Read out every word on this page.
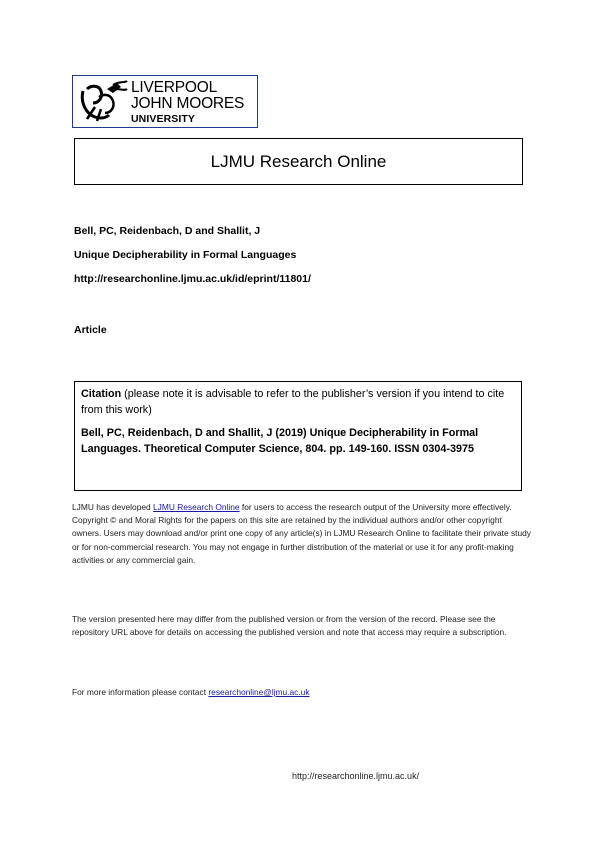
LIVERPOOL
JOHN MOORES
UNIVERSITY
LJMU Research Online
Bell, PC, Reidenbach, D and Shallit, J
Unique Decipherability in Formal Languages
http://researchonline.ljmu.ac.uk/id/eprint/11801/
Article
Citation (please note it is advisable to refer to the publisher’s version if you intend to cite from this work)
Bell, PC, Reidenbach, D and Shallit, J (2019) Unique Decipherability in Formal Languages. Theoretical Computer Science, 804. pp. 149-160. ISSN 0304-3975
LJMU has developed LJMU Research Online for users to access the research output of the University more effectively. Copyright © and Moral Rights for the papers on this site are retained by the individual authors and/or other copyright owners. Users may download and/or print one copy of any article(s) in LJMU Research Online to facilitate their private study or for non-commercial research. You may not engage in further distribution of the material or use it for any profit-making activities or any commercial gain.
The version presented here may differ from the published version or from the version of the record. Please see the repository URL above for details on accessing the published version and note that access may require a subscription.
For more information please contact researchonline@ljmu.ac.uk
http://researchonline.ljmu.ac.uk/
